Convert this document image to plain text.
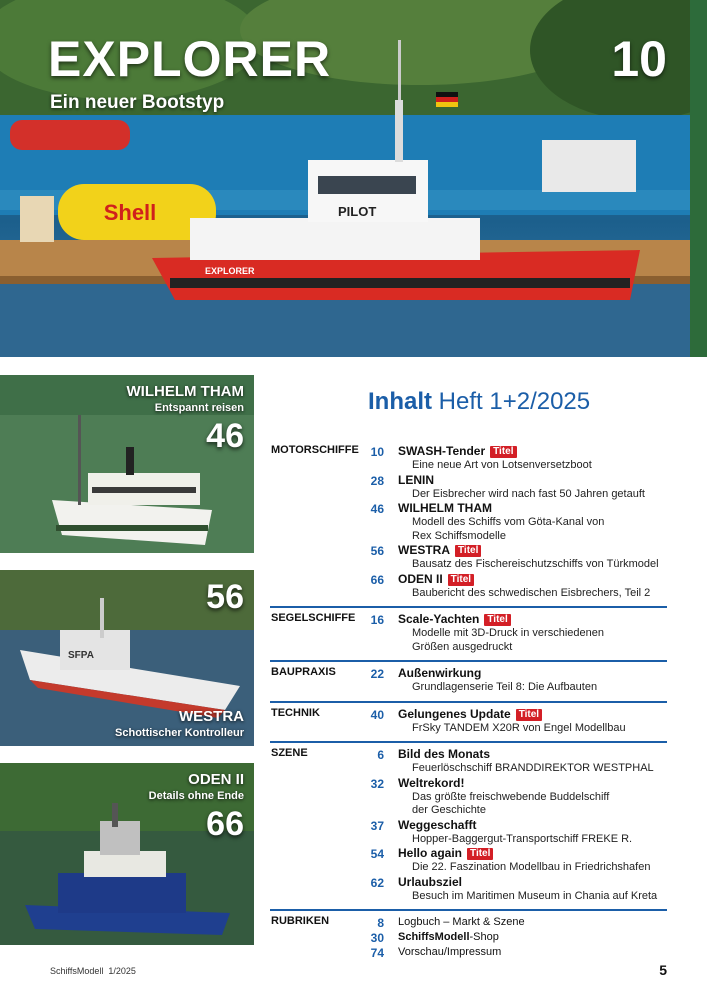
Shell	PILOT
EXPLORER
EXPLORER
Ein neuer Bootstyp
10
WILHELM THAM
Entspannt reisen
46
SFPA
56
WESTRA
Schottischer Kontrolleur
ODEN II
Details ohne Ende
66
Inhalt Heft 1+2/2025
MOTORSCHIFFE 10 SWASH-Tender Titel
Eine neue Art von Lotsenversetzboot
28 LENIN
Der Eisbrecher wird nach fast 50 Jahren getauft
46 WILHELM THAM
Modell des Schiffs vom Göta-Kanal von
Rex Schiffsmodelle
56 WESTRA Titel
Bausatz des Fischereischutzschiffs von Türkmodel
66 ODEN II Titel
Baubericht des schwedischen Eisbrechers, Teil 2
SEGELSCHIFFE	16 Scale-Yachten Titel
Modelle mit 3D-Druck in verschiedenen
Größen ausgedruckt
BAUPRAXIS	22 Außenwirkung
Grundlagenserie Teil 8: Die Aufbauten
TECHNIK	40 Gelungenes Update Titel
FrSky TANDEM X20R von Engel Modellbau
SZENE	6 Bild des Monats
Feuerlöschschiff BRANDDIREKTOR WESTPHAL
32 Weltrekord!
Das größte freischwebende Buddelschiff
der Geschichte
37 Weggeschafft
Hopper-Baggergut-Transportschiff FREKE R.
54 Hello again Titel
Die 22. Faszination Modellbau in Friedrichshafen
62 Urlaubsziel
Besuch im Maritimen Museum in Chania auf Kreta
RUBRIKEN	8 Logbuch – Markt & Szene
30 SchiffsModell-Shop
74 Vorschau/Impressum
SchiffsModell 1/2025	5
